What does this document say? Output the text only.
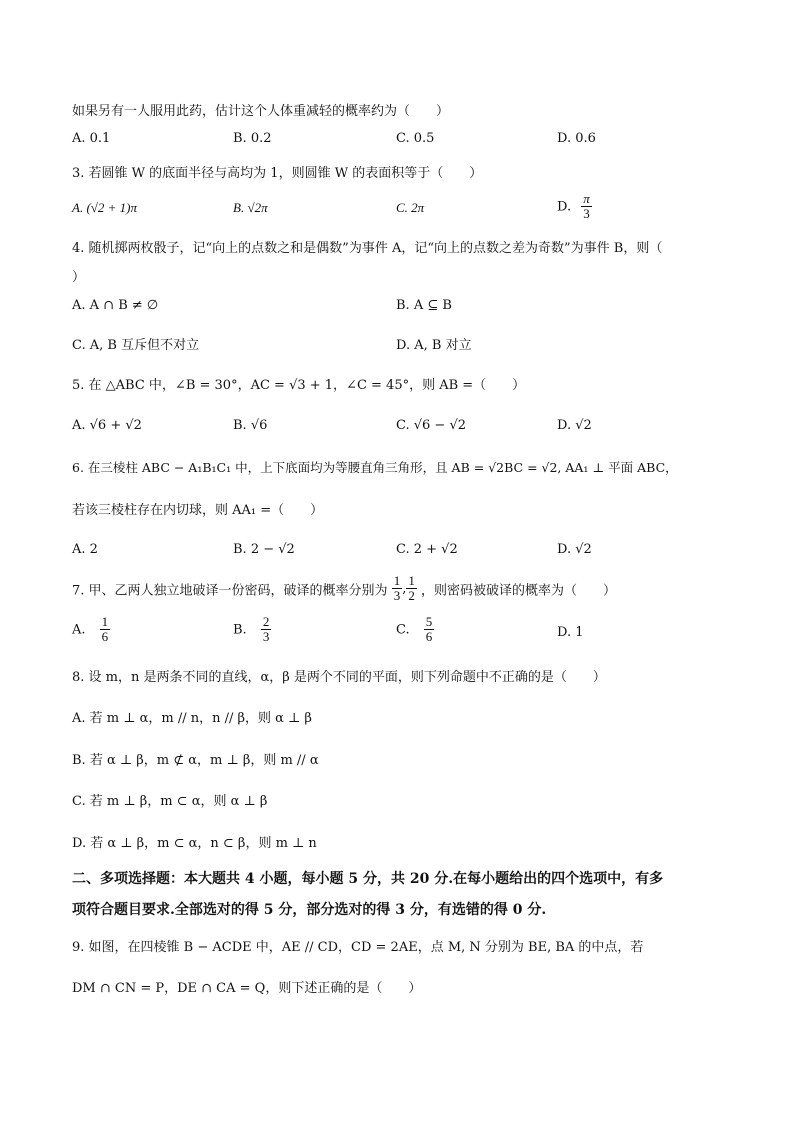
如果另有一人服用此药，估计这个人体重减轻的概率约为（　　）
A. 0.1	B. 0.2	C. 0.5	D. 0.6
3. 若圆锥 W 的底面半径与高均为 1，则圆锥 W 的表面积等于（　　）
A. (√2 + 1)π	B. √2π	C. 2π	D. $\frac{\pi}{3}$
4. 随机掷两枚骰子，记“向上的点数之和是偶数”为事件 A，记“向上的点数之差为奇数”为事件 B，则（
）
A. A ∩ B ≠ ∅	B. A ⊆ B
C. A, B 互斥但不对立	D. A, B 对立
5. 在 △ABC 中，∠B = 30°，AC = √3 + 1，∠C = 45°，则 AB =（　　）
A. √6 + √2	B. √6	C. √6 − √2	D. √2
6. 在三棱柱 ABC − A₁B₁C₁ 中，上下底面均为等腰直角三角形，且 AB = √2BC = √2, AA₁ ⊥ 平面 ABC，
若该三棱柱存在内切球，则 AA₁ =（　　）
A. 2	B. 2 − √2	C. 2 + √2	D. √2
7. 甲、乙两人独立地破译一份密码，破译的概率分别为 $\frac{1}{3}$ , $\frac{1}{2}$ ，则密码被破译的概率为（　　）
A. $\frac{1}{6}$	B. $\frac{2}{3}$	C. $\frac{5}{6}$	D. 1
8. 设 m，n 是两条不同的直线，α，β 是两个不同的平面，则下列命题中不正确的是（　　）
A. 若 m ⊥ α，m // n，n // β，则 α ⊥ β
B. 若 α ⊥ β，m ⊄ α，m ⊥ β，则 m // α
C. 若 m ⊥ β，m ⊂ α，则 α ⊥ β
D. 若 α ⊥ β，m ⊂ α，n ⊂ β，则 m ⊥ n
二、多项选择题：本大题共 4 小题，每小题 5 分，共 20 分.在每小题给出的四个选项中，有多
项符合题目要求.全部选对的得 5 分，部分选对的得 3 分，有选错的得 0 分.
9. 如图，在四棱锥 B − ACDE 中，AE // CD，CD = 2AE，点 M, N 分别为 BE, BA 的中点，若
DM ∩ CN = P，DE ∩ CA = Q，则下述正确的是（　　）
